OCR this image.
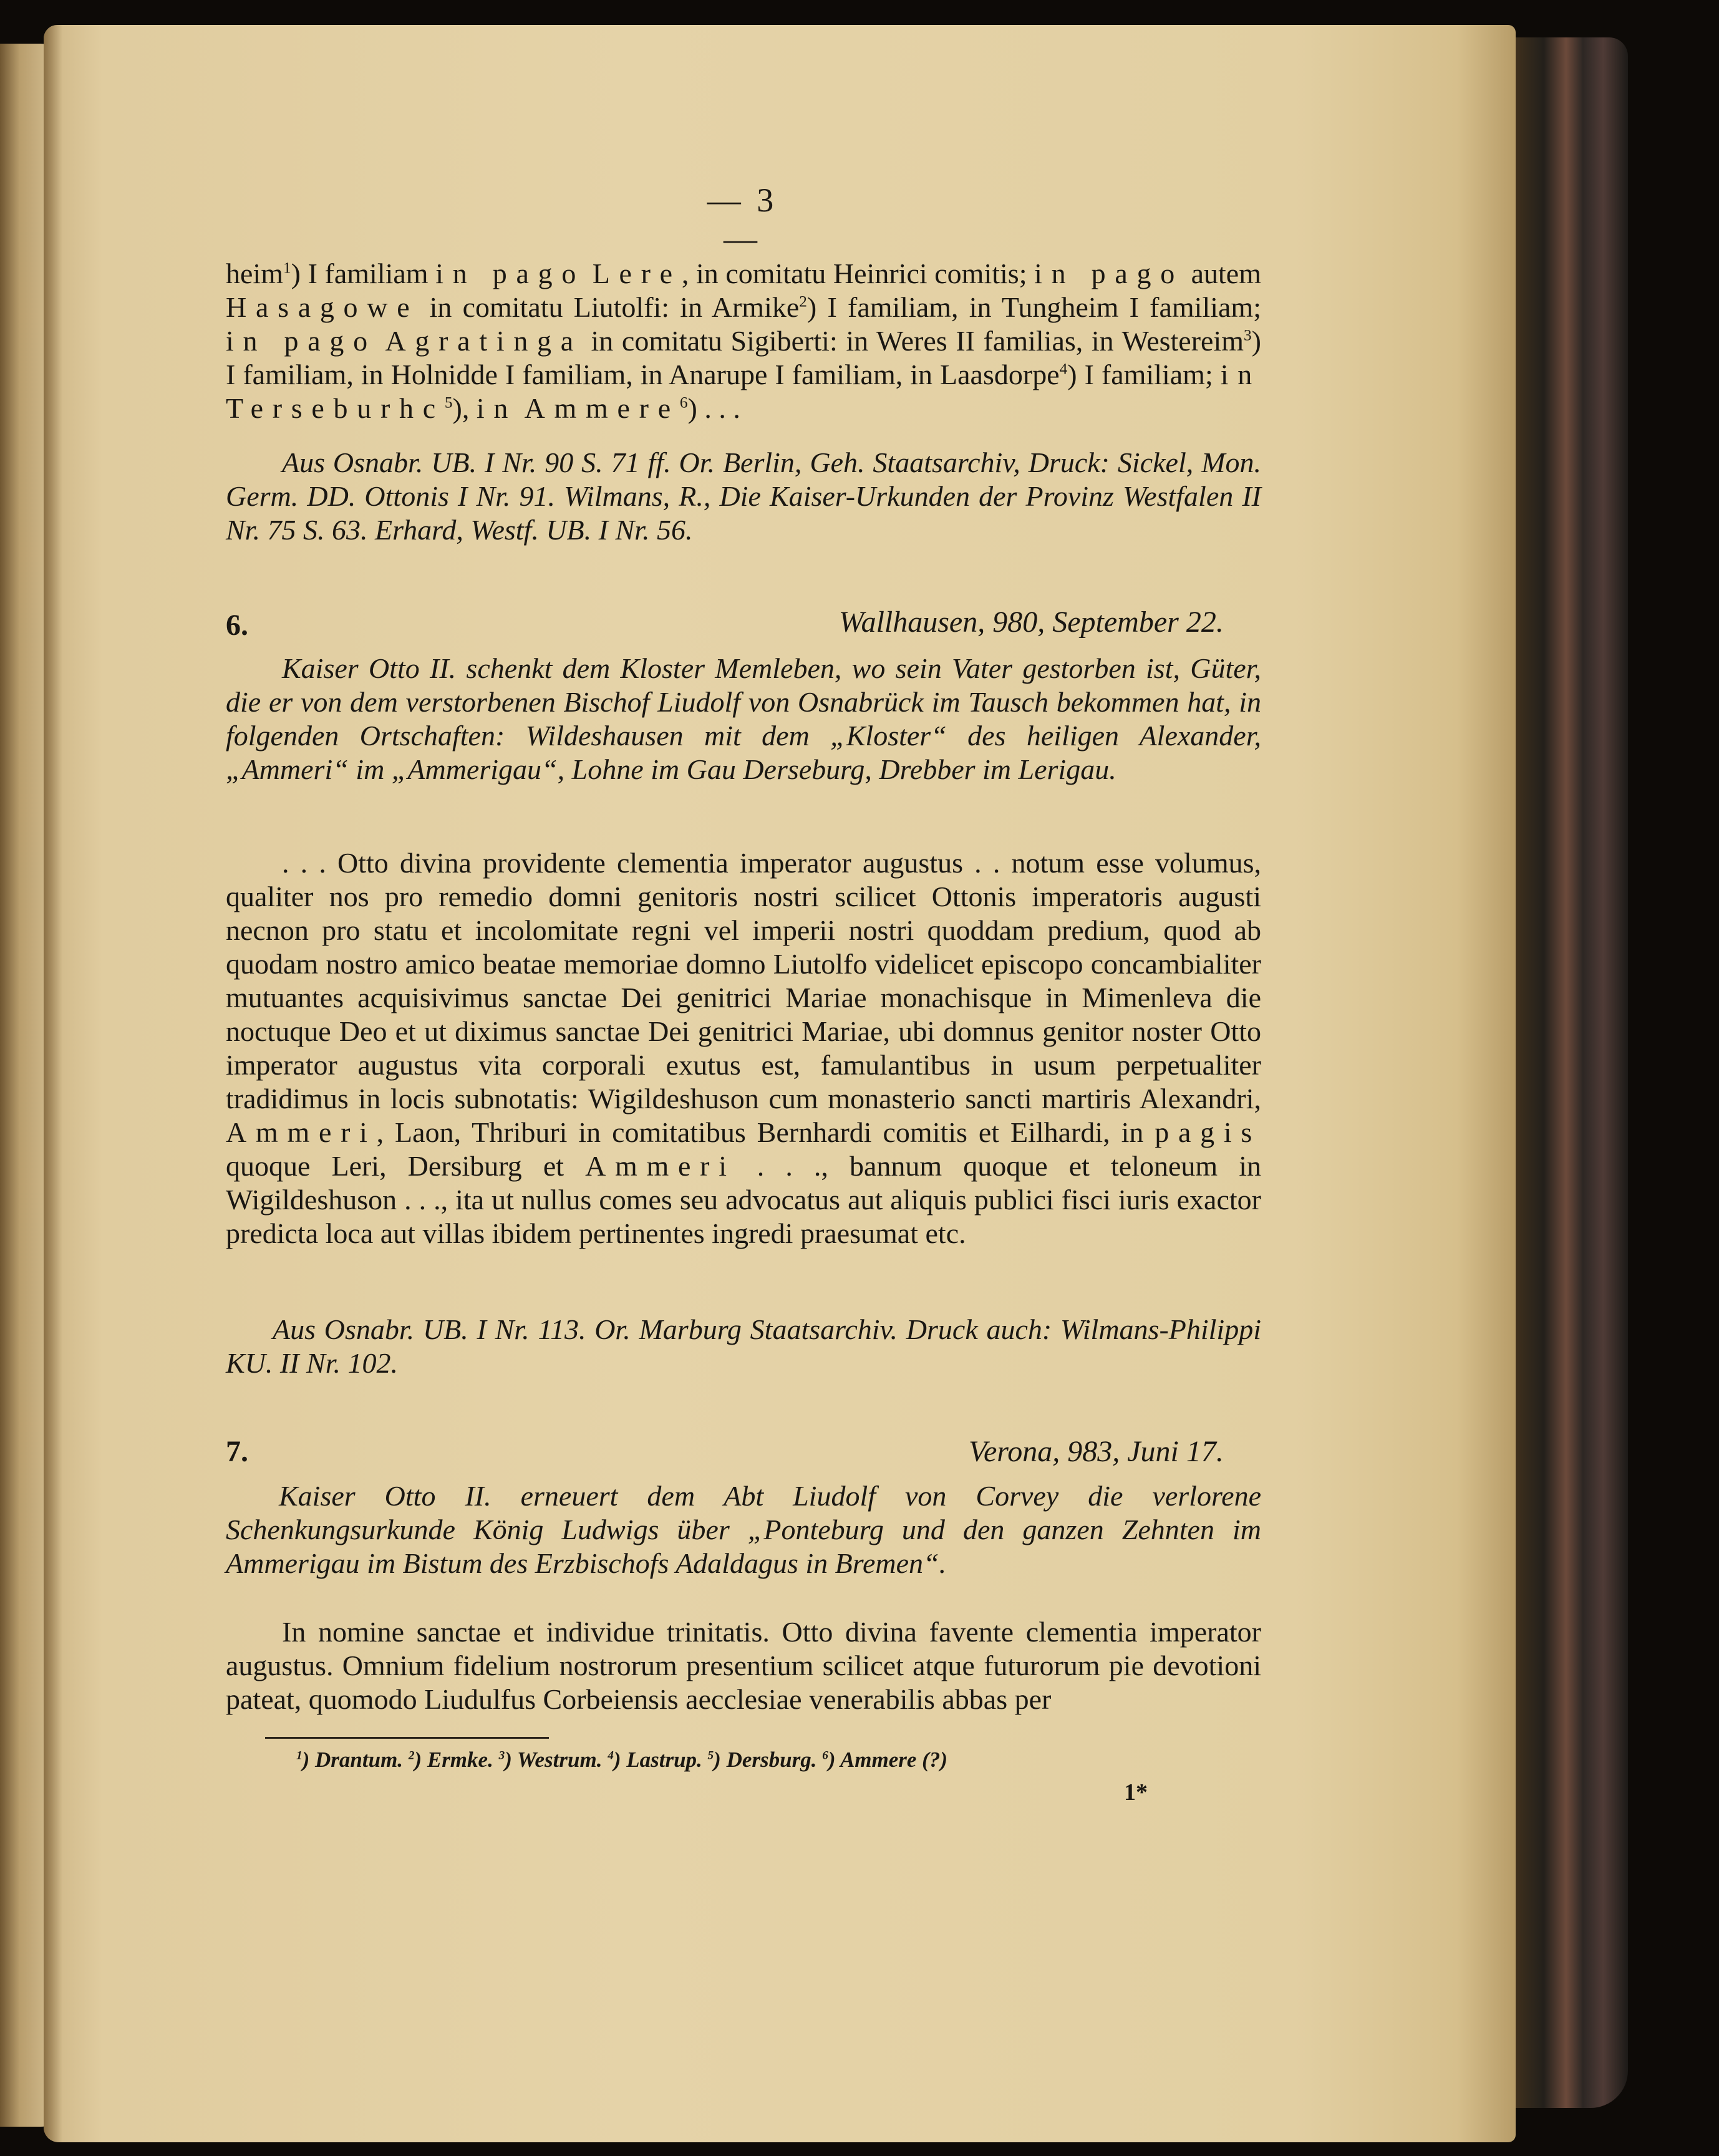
— 3 —

heim$^1$) I familiam in pago Lere, in comitatu Heinrici comitis; in pago autem Hasagowe in comitatu Liutolfi: in Armike$^2$) I familiam, in Tungheim I familiam; in pago Agratinga in comitatu Sigiberti: in Weres II familias, in Westereim$^3$) I familiam, in Holnidde I familiam, in Anarupe I familiam, in Laasdorpe$^4$) I familiam; in Terseburhc$^5$), in Ammere$^6$) . . .

Aus Osnabr. UB. I Nr. 90 S. 71 ff. Or. Berlin, Geh. Staatsarchiv, Druck: Sickel, Mon. Germ. DD. Ottonis I Nr. 91. Wilmans, R., Die Kaiser-Urkunden der Provinz Westfalen II Nr. 75 S. 63. Erhard, Westf. UB. I Nr. 56.

6.	Wallhausen, 980, September 22.

Kaiser Otto II. schenkt dem Kloster Memleben, wo sein Vater gestorben ist, Güter, die er von dem verstorbenen Bischof Liudolf von Osnabrück im Tausch bekommen hat, in folgenden Ortschaften: Wildeshausen mit dem „Kloster“ des heiligen Alexander, „Ammeri“ im „Ammerigau“, Lohne im Gau Derseburg, Drebber im Lerigau.

. . . Otto divina providente clementia imperator augustus . . notum esse volumus, qualiter nos pro remedio domni genitoris nostri scilicet Ottonis imperatoris augusti necnon pro statu et incolomitate regni vel imperii nostri quoddam predium, quod ab quodam nostro amico beatae memoriae domno Liutolfo videlicet episcopo concambialiter mutuantes acquisivimus sanctae Dei genitrici Mariae monachisque in Mimenleva die noctuque Deo et ut diximus sanctae Dei genitrici Mariae, ubi domnus genitor noster Otto imperator augustus vita corporali exutus est, famulantibus in usum perpetualiter tradidimus in locis subnotatis: Wigildeshuson cum monasterio sancti martiris Alexandri, Ammeri, Laon, Thriburi in comitatibus Bernhardi comitis et Eilhardi, in pagis quoque Leri, Dersiburg et Ammeri . . ., bannum quoque et teloneum in Wigildeshuson . . ., ita ut nullus comes seu advocatus aut aliquis publici fisci iuris exactor predicta loca aut villas ibidem pertinentes ingredi praesumat etc.

Aus Osnabr. UB. I Nr. 113. Or. Marburg Staatsarchiv. Druck auch: Wilmans-Philippi KU. II Nr. 102.

7.	Verona, 983, Juni 17.

Kaiser Otto II. erneuert dem Abt Liudolf von Corvey die verlorene Schenkungsurkunde König Ludwigs über „Ponteburg und den ganzen Zehnten im Ammerigau im Bistum des Erzbischofs Adaldagus in Bremen“.

In nomine sanctae et individue trinitatis. Otto divina favente clementia imperator augustus. Omnium fidelium nostrorum presentium scilicet atque futurorum pie devotioni pateat, quomodo Liudulfus Corbeiensis aecclesiae venerabilis abbas per

$^1$) Drantum. $^2$) Ermke. $^3$) Westrum. $^4$) Lastrup. $^5$) Dersburg. $^6$) Ammere (?)
1*
